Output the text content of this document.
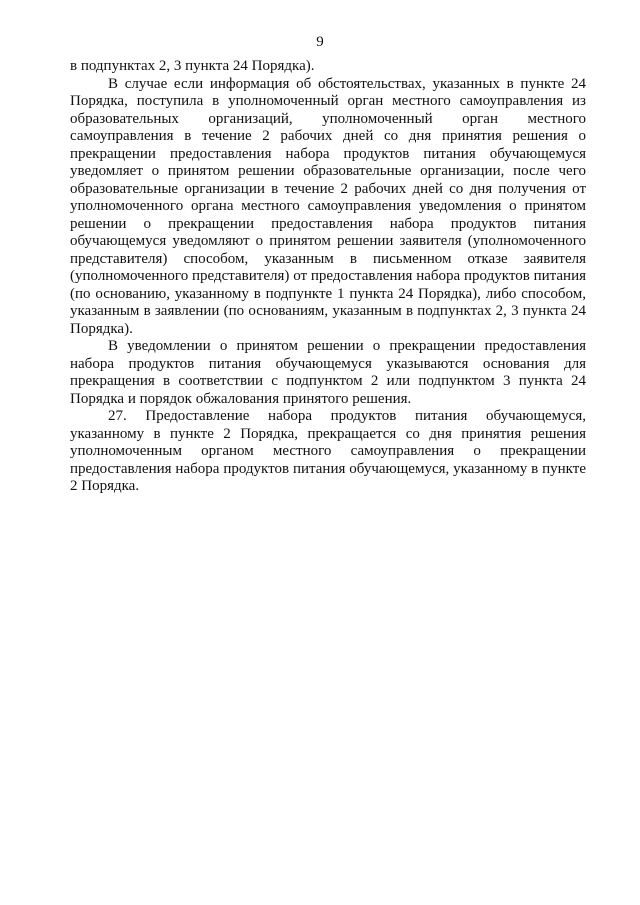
9

в подпунктах 2, 3 пункта 24 Порядка).

В случае если информация об обстоятельствах, указанных в пункте 24 Порядка, поступила в уполномоченный орган местного самоуправления из образовательных организаций, уполномоченный орган местного самоуправления в течение 2 рабочих дней со дня принятия решения о прекращении предоставления набора продуктов питания обучающемуся уведомляет о принятом решении образовательные организации, после чего образовательные организации в течение 2 рабочих дней со дня получения от уполномоченного органа местного самоуправления уведомления о принятом решении о прекращении предоставления набора продуктов питания обучающемуся уведомляют о принятом решении заявителя (уполномоченного представителя) способом, указанным в письменном отказе заявителя (уполномоченного представителя) от предоставления набора продуктов питания (по основанию, указанному в подпункте 1 пункта 24 Порядка), либо способом, указанным в заявлении (по основаниям, указанным в подпунктах 2, 3 пункта 24 Порядка).

В уведомлении о принятом решении о прекращении предоставления набора продуктов питания обучающемуся указываются основания для прекращения в соответствии с подпунктом 2 или подпунктом 3 пункта 24 Порядка и порядок обжалования принятого решения.

27. Предоставление набора продуктов питания обучающемуся, указанному в пункте 2 Порядка, прекращается со дня принятия решения уполномоченным органом местного самоуправления о прекращении предоставления набора продуктов питания обучающемуся, указанному в пункте 2 Порядка.
